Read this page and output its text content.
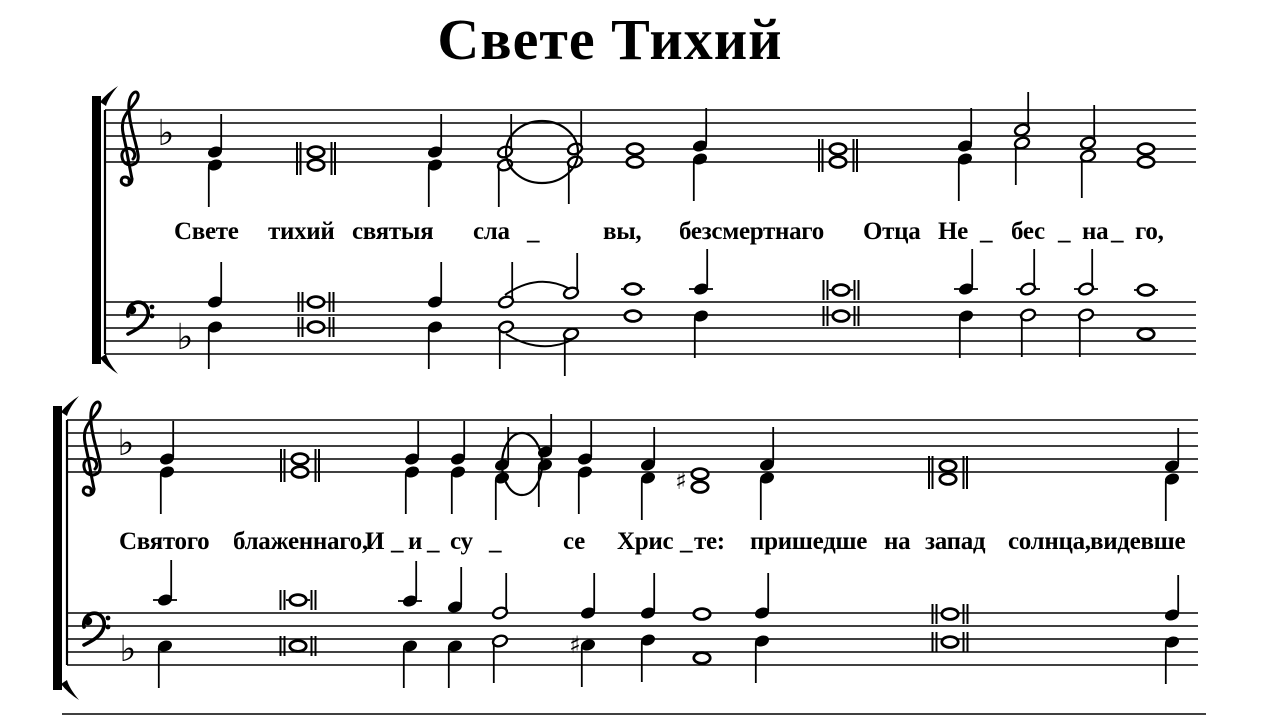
Свете Тихий
♭
♭
♭
♯
♭	♯
Свете тихий святыя сла _	вы, безсмертнаго Отца Не _ бес _ на _ го,
Святого блаженнаго,
И _ и _ су _ се Хрис _ те: пришедше на запад солнца, видевше
